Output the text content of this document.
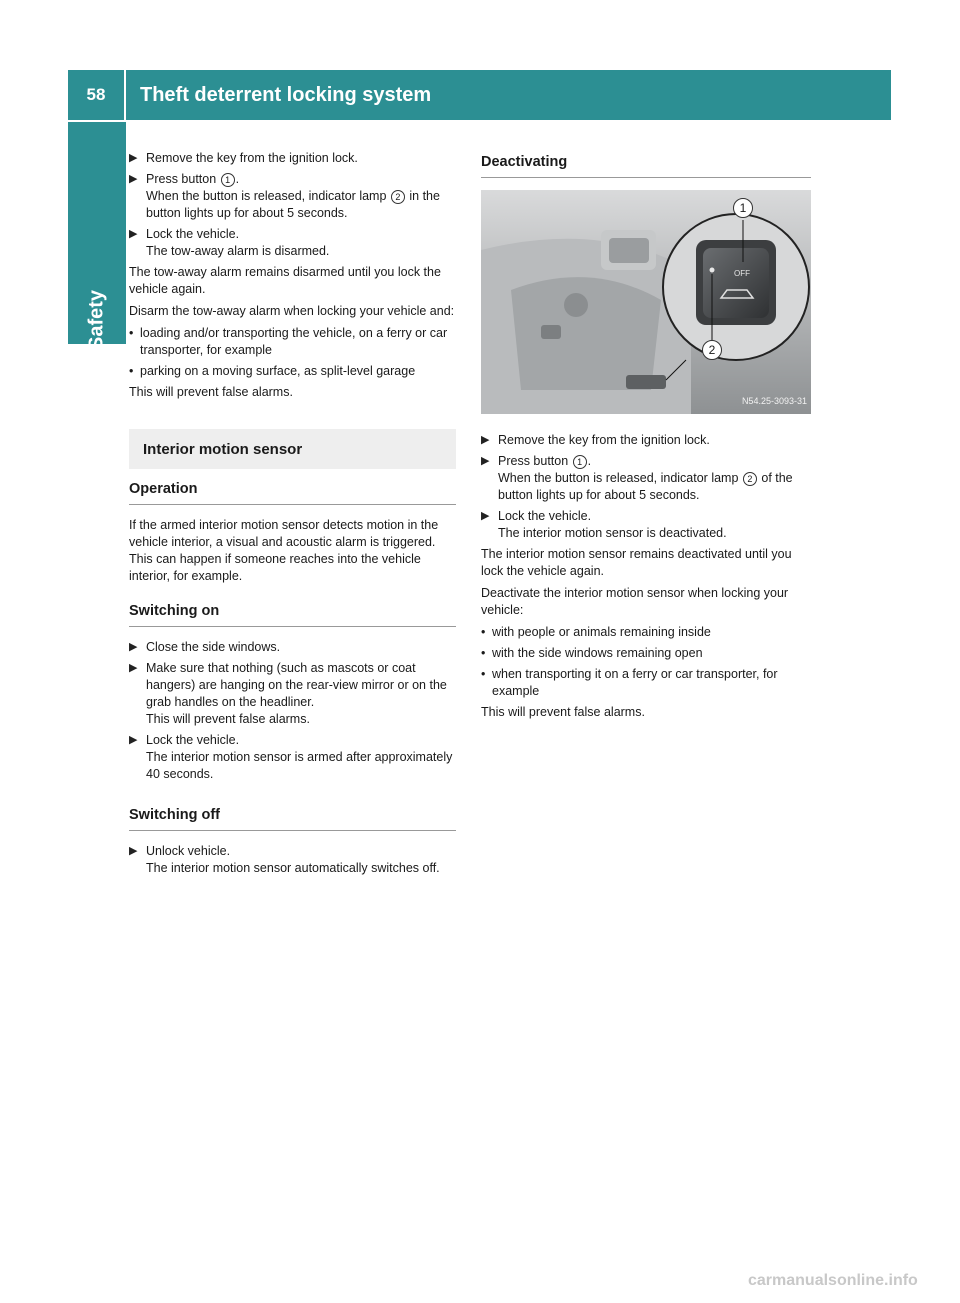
58	Theft deterrent locking system
Safety
▶ Remove the key from the ignition lock.
▶ Press button 1 .
When the button is released, indicator lamp 2 in the button lights up for about 5 seconds.
▶ Lock the vehicle.
The tow-away alarm is disarmed.

The tow-away alarm remains disarmed until you lock the vehicle again.

Disarm the tow-away alarm when locking your vehicle and:

• loading and/or transporting the vehicle, on a ferry or car transporter, for example
• parking on a moving surface, as split-level garage

This will prevent false alarms.

Interior motion sensor
Operation

If the armed interior motion sensor detects motion in the vehicle interior, a visual and acoustic alarm is triggered. This can happen if someone reaches into the vehicle interior, for example.

Switching on
▶ Close the side windows.
▶ Make sure that nothing (such as mascots or coat hangers) are hanging on the rear-view mirror or on the grab handles on the headliner.
This will prevent false alarms.
▶ Lock the vehicle.
The interior motion sensor is armed after approximately 40 seconds.
Switching off
▶ Unlock vehicle.
The interior motion sensor automatically switches off.
Deactivating
OFF
1
2
N54.25-3093-31
▶ Remove the key from the ignition lock.
▶ Press button 1 .
When the button is released, indicator lamp 2 of the button lights up for about 5 seconds.
▶ Lock the vehicle.
The interior motion sensor is deactivated.

The interior motion sensor remains deactivated until you lock the vehicle again.

Deactivate the interior motion sensor when locking your vehicle:

• with people or animals remaining inside
• with the side windows remaining open
• when transporting it on a ferry or car transporter, for example

This will prevent false alarms.

carmanualsonline.info
